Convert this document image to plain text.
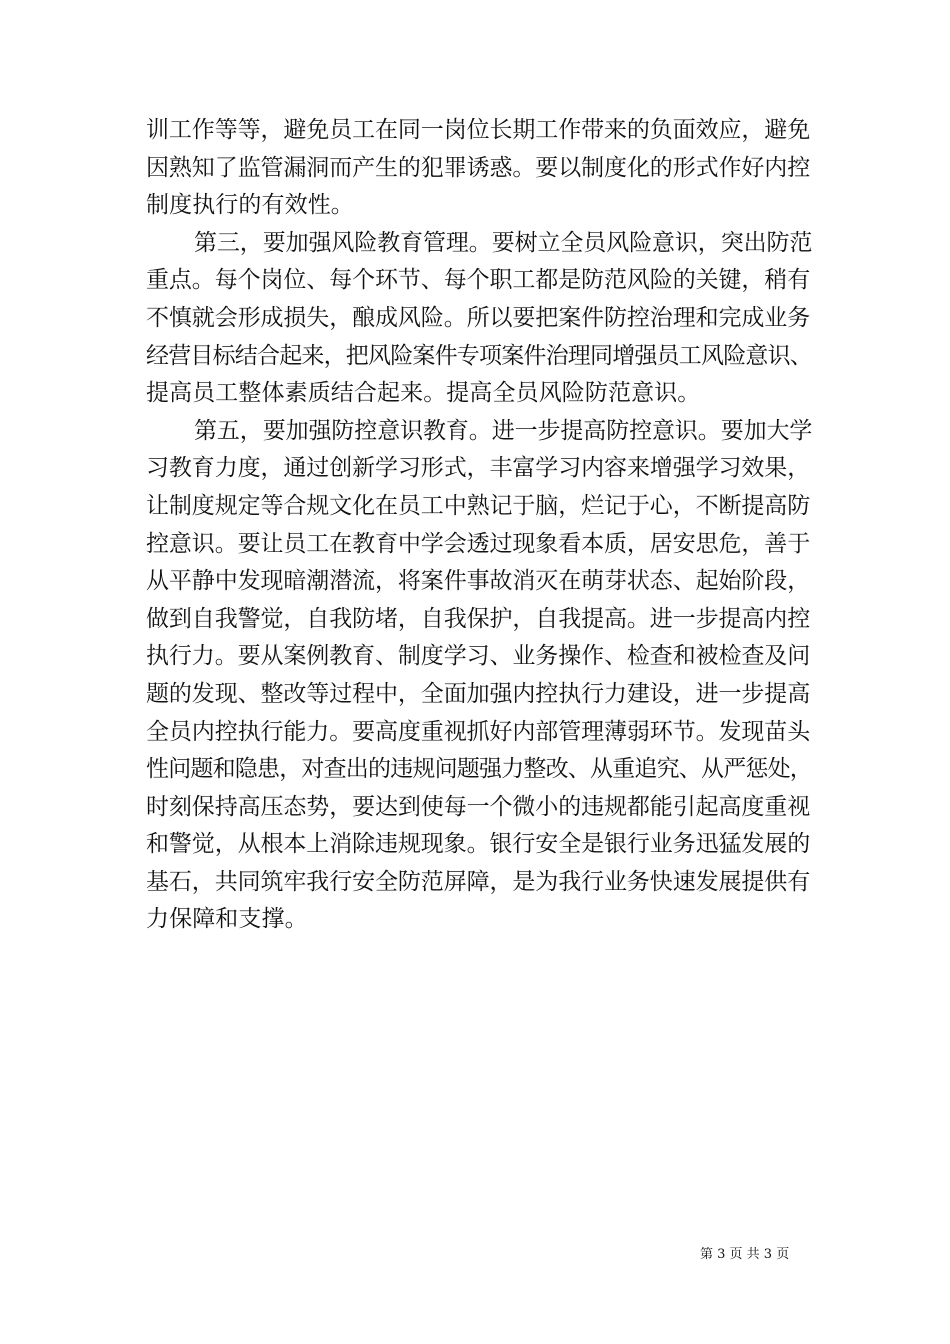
训工作等等，避免员工在同一岗位长期工作带来的负面效应，避免
因熟知了监管漏洞而产生的犯罪诱惑。要以制度化的形式作好内控
制度执行的有效性。
第三，要加强风险教育管理。要树立全员风险意识，突出防范
重点。每个岗位、每个环节、每个职工都是防范风险的关键，稍有
不慎就会形成损失，酿成风险。所以要把案件防控治理和完成业务
经营目标结合起来，把风险案件专项案件治理同增强员工风险意识、
提高员工整体素质结合起来。提高全员风险防范意识。
第五，要加强防控意识教育。进一步提高防控意识。要加大学
习教育力度，通过创新学习形式，丰富学习内容来增强学习效果，
让制度规定等合规文化在员工中熟记于脑，烂记于心，不断提高防
控意识。要让员工在教育中学会透过现象看本质，居安思危，善于
从平静中发现暗潮潜流，将案件事故消灭在萌芽状态、起始阶段，
做到自我警觉，自我防堵，自我保护，自我提高。进一步提高内控
执行力。要从案例教育、制度学习、业务操作、检查和被检查及问
题的发现、整改等过程中，全面加强内控执行力建设，进一步提高
全员内控执行能力。要高度重视抓好内部管理薄弱环节。发现苗头
性问题和隐患，对查出的违规问题强力整改、从重追究、从严惩处，
时刻保持高压态势，要达到使每一个微小的违规都能引起高度重视
和警觉，从根本上消除违规现象。银行安全是银行业务迅猛发展的
基石，共同筑牢我行安全防范屏障，是为我行业务快速发展提供有
力保障和支撑。
第 3 页 共 3 页
